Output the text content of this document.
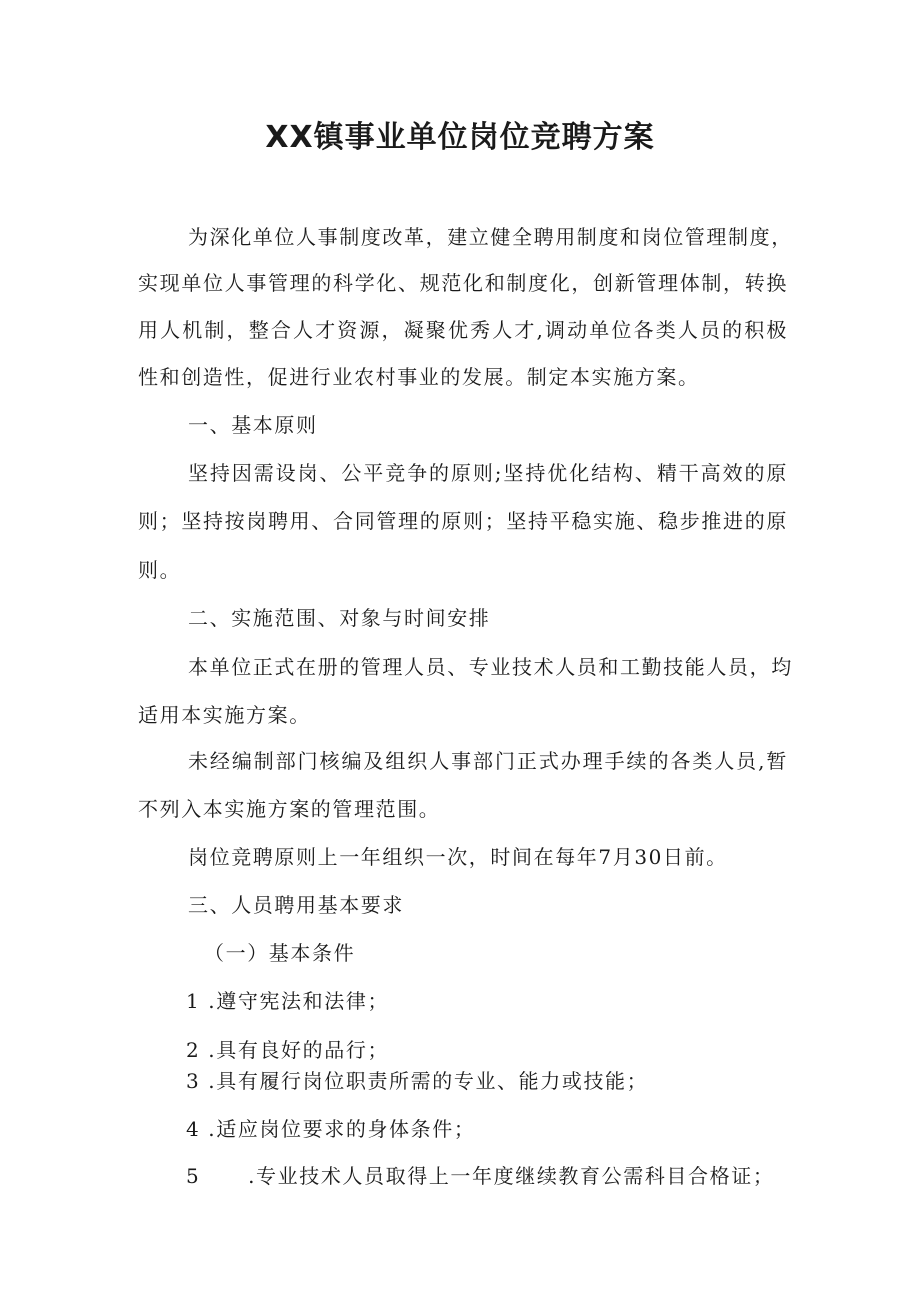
XX镇事业单位岗位竞聘方案
为深化单位人事制度改革，建立健全聘用制度和岗位管理制度，
实现单位人事管理的科学化、规范化和制度化，创新管理体制，转换
用人机制，整合人才资源，凝聚优秀人才,调动单位各类人员的积极
性和创造性，促进行业农村事业的发展。制定本实施方案。
一、基本原则
坚持因需设岗、公平竞争的原则;坚持优化结构、精干高效的原
则；坚持按岗聘用、合同管理的原则；坚持平稳实施、稳步推进的原
则。
二、实施范围、对象与时间安排
本单位正式在册的管理人员、专业技术人员和工勤技能人员，均
适用本实施方案。
未经编制部门核编及组织人事部门正式办理手续的各类人员,暂
不列入本实施方案的管理范围。
岗位竞聘原则上一年组织一次，时间在每年7月30日前。
三、人员聘用基本要求
（一）基本条件
1 .遵守宪法和法律；
2 .具有良好的品行；
3 .具有履行岗位职责所需的专业、能力或技能；
4 .适应岗位要求的身体条件；
5      .专业技术人员取得上一年度继续教育公需科目合格证；
